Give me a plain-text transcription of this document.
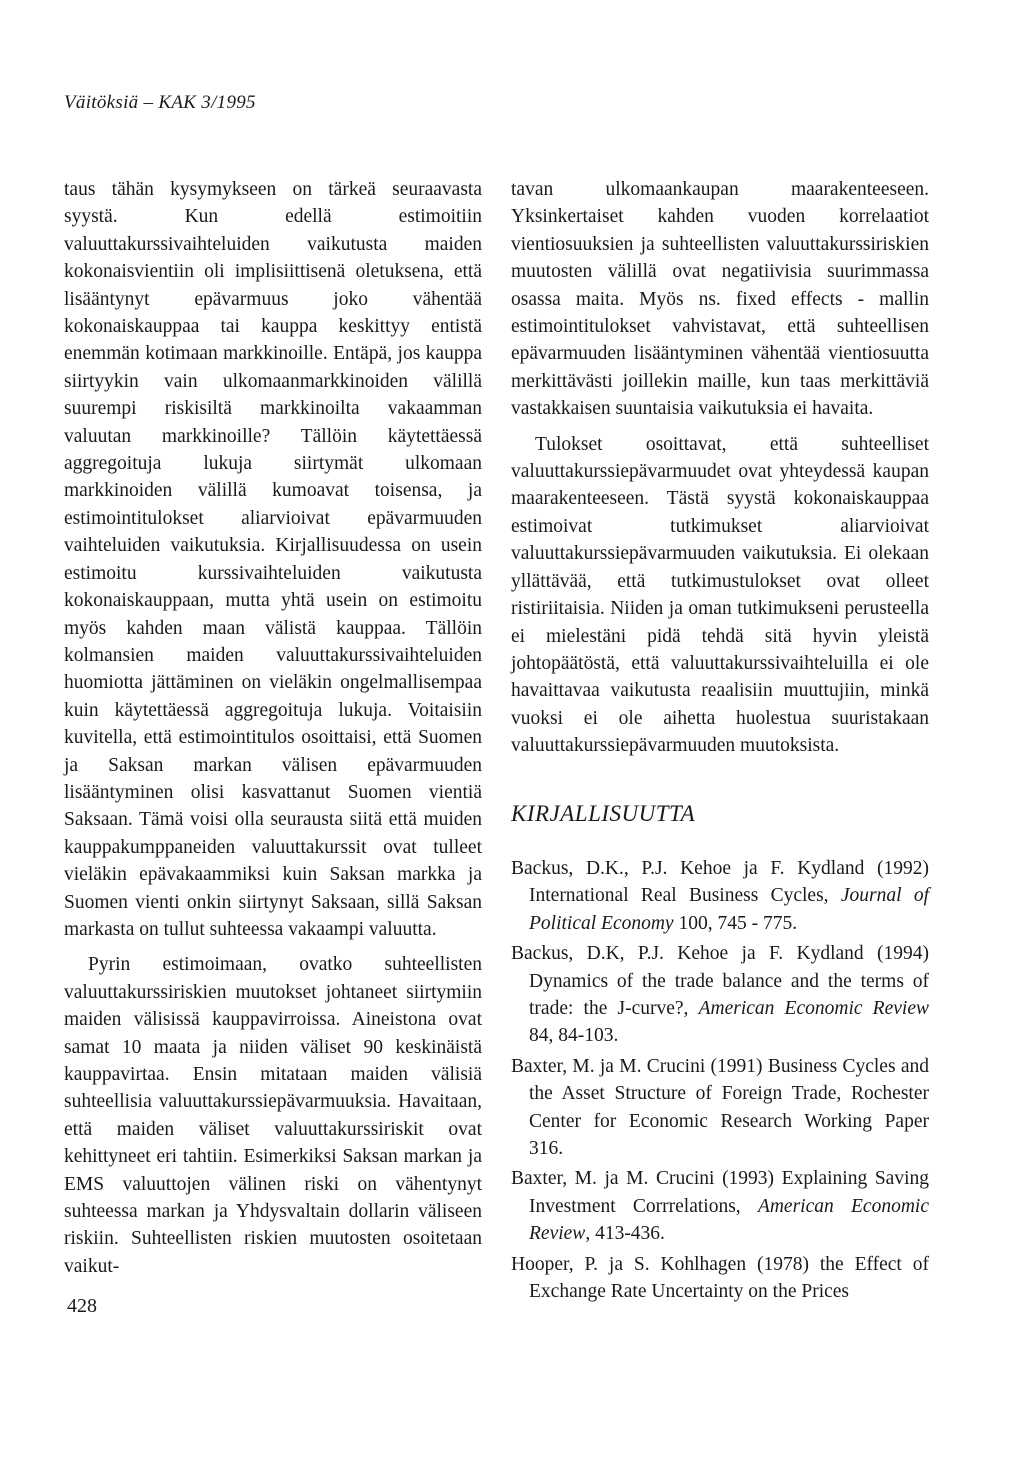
Väitöksiä – KAK 3/1995

taus tähän kysymykseen on tärkeä seuraavasta syystä. Kun edellä estimoitiin valuuttakurssivaihteluiden vaikutusta maiden kokonaisvientiin oli implisiittisenä oletuksena, että lisääntynyt epävarmuus joko vähentää kokonaiskauppaa tai kauppa keskittyy entistä enemmän kotimaan markkinoille. Entäpä, jos kauppa siirtyykin vain ulkomaanmarkkinoiden välillä suurempi riskisiltä markkinoilta vakaamman valuutan markkinoille? Tällöin käytettäessä aggregoituja lukuja siirtymät ulkomaan markkinoiden välillä kumoavat toisensa, ja estimointitulokset aliarvioivat epävarmuuden vaihteluiden vaikutuksia. Kirjallisuudessa on usein estimoitu kurssivaihteluiden vaikutusta kokonaiskauppaan, mutta yhtä usein on estimoitu myös kahden maan välistä kauppaa. Tällöin kolmansien maiden valuuttakurssivaihteluiden huomiotta jättäminen on vieläkin ongelmallisempaa kuin käytettäessä aggregoituja lukuja. Voitaisiin kuvitella, että estimointitulos osoittaisi, että Suomen ja Saksan markan välisen epävarmuuden lisääntyminen olisi kasvattanut Suomen vientiä Saksaan. Tämä voisi olla seurausta siitä että muiden kauppakumppaneiden valuuttakurssit ovat tulleet vieläkin epävakaammiksi kuin Saksan markka ja Suomen vienti onkin siirtynyt Saksaan, sillä Saksan markasta on tullut suhteessa vakaampi valuutta.

Pyrin estimoimaan, ovatko suhteellisten valuuttakurssiriskien muutokset johtaneet siirtymiin maiden välisissä kauppavirroissa. Aineistona ovat samat 10 maata ja niiden väliset 90 keskinäistä kauppavirtaa. Ensin mitataan maiden välisiä suhteellisia valuuttakurssiepävarmuuksia. Havaitaan, että maiden väliset valuuttakurssiriskit ovat kehittyneet eri tahtiin. Esimerkiksi Saksan markan ja EMS valuuttojen välinen riski on vähentynyt suhteessa markan ja Yhdysvaltain dollarin väliseen riskiin. Suhteellisten riskien muutosten osoitetaan vaikut-

tavan ulkomaankaupan maarakenteeseen. Yksinkertaiset kahden vuoden korrelaatiot vientiosuuksien ja suhteellisten valuuttakurssiriskien muutosten välillä ovat negatiivisia suurimmassa osassa maita. Myös ns. fixed effects - mallin estimointitulokset vahvistavat, että suhteellisen epävarmuuden lisääntyminen vähentää vientiosuutta merkittävästi joillekin maille, kun taas merkittäviä vastakkaisen suuntaisia vaikutuksia ei havaita.

Tulokset osoittavat, että suhteelliset valuuttakurssiepävarmuudet ovat yhteydessä kaupan maarakenteeseen. Tästä syystä kokonaiskauppaa estimoivat tutkimukset aliarvioivat valuuttakurssiepävarmuuden vaikutuksia. Ei olekaan yllättävää, että tutkimustulokset ovat olleet ristiriitaisia. Niiden ja oman tutkimukseni perusteella ei mielestäni pidä tehdä sitä hyvin yleistä johtopäätöstä, että valuuttakurssivaihteluilla ei ole havaittavaa vaikutusta reaalisiin muuttujiin, minkä vuoksi ei ole aihetta huolestua suuristakaan valuuttakurssiepävarmuuden muutoksista.

KIRJALLISUUTTA
Backus, D.K., P.J. Kehoe ja F. Kydland (1992) International Real Business Cycles, Journal of Political Economy 100, 745 - 775.
Backus, D.K, P.J. Kehoe ja F. Kydland (1994) Dynamics of the trade balance and the terms of trade: the J-curve?, American Economic Review 84, 84-103.
Baxter, M. ja M. Crucini (1991) Business Cycles and the Asset Structure of Foreign Trade, Rochester Center for Economic Research Working Paper 316.
Baxter, M. ja M. Crucini (1993) Explaining Saving Investment Corrrelations, American Economic Review, 413-436.
Hooper, P. ja S. Kohlhagen (1978) the Effect of Exchange Rate Uncertainty on the Prices
428
